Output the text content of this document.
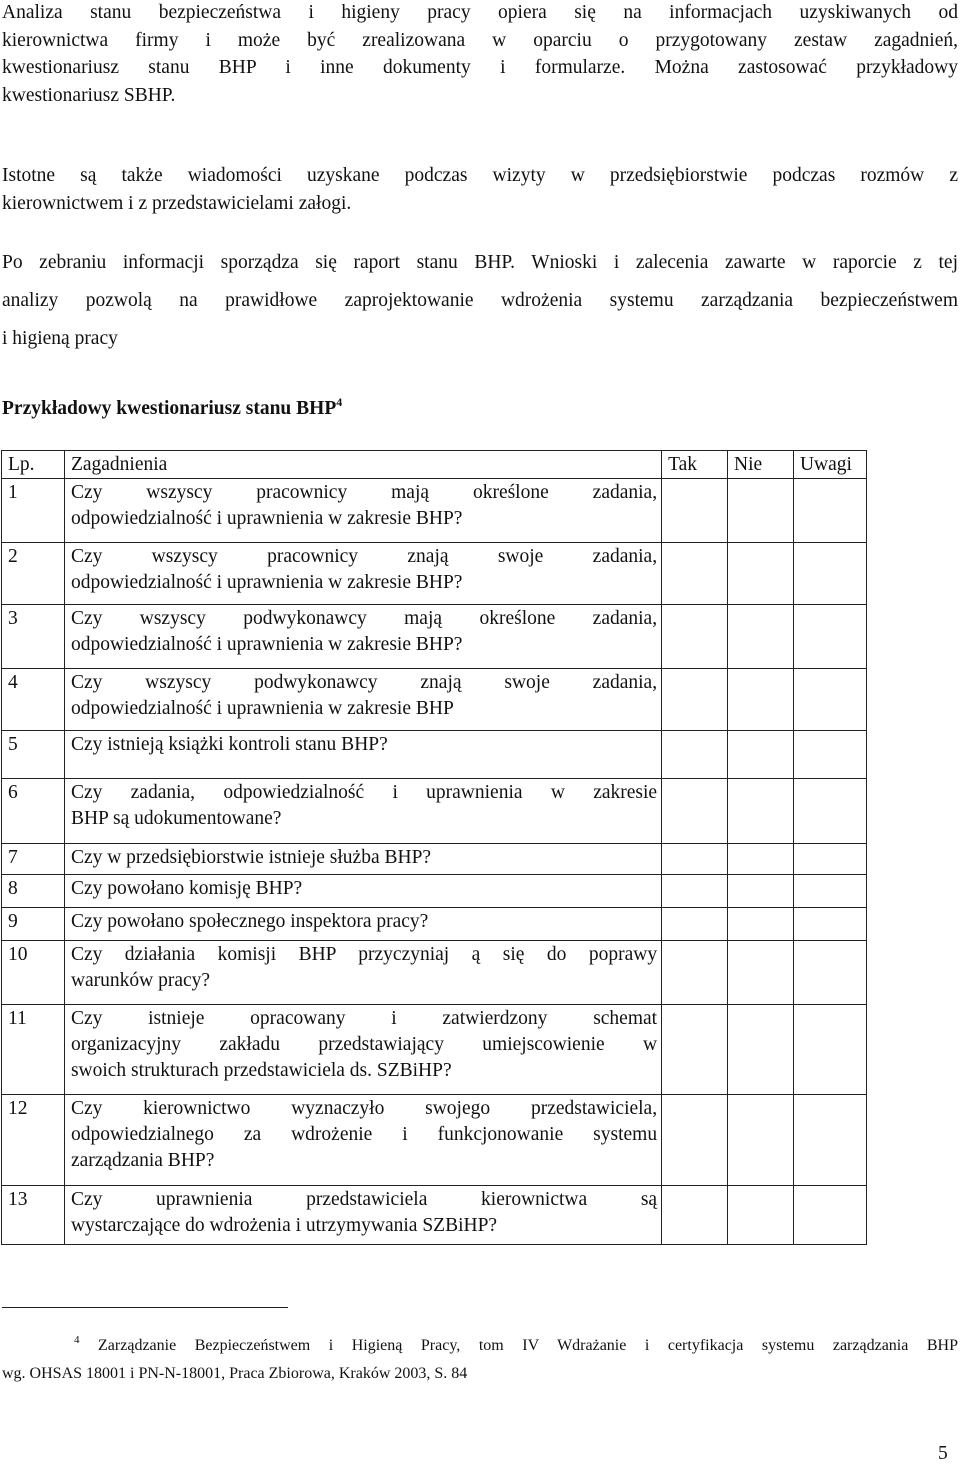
Analiza stanu bezpieczeństwa i higieny pracy opiera się na informacjach uzyskiwanych od
kierownictwa firmy i może być zrealizowana w oparciu o przygotowany zestaw zagadnień,
kwestionariusz stanu BHP i inne dokumenty i formularze. Można zastosować przykładowy
kwestionariusz SBHP.
Istotne są także wiadomości uzyskane podczas wizyty w przedsiębiorstwie podczas rozmów z
kierownictwem i z przedstawicielami załogi.
Po zebraniu informacji sporządza się raport stanu BHP. Wnioski i zalecenia zawarte w raporcie z tej
analizy pozwolą na prawidłowe zaprojektowanie wdrożenia systemu zarządzania bezpieczeństwem
i higieną pracy
Przykładowy kwestionariusz stanu BHP$^4$
Lp.	Zagadnienia	Tak	Nie	Uwagi
1	Czy wszyscy pracownicy mają określone zadania,
odpowiedzialność i uprawnienia w zakresie BHP?			

2	Czy wszyscy pracownicy znają swoje zadania,
odpowiedzialność i uprawnienia w zakresie BHP?			

3	Czy wszyscy podwykonawcy mają określone zadania,
odpowiedzialność i uprawnienia w zakresie BHP?			

4	Czy wszyscy podwykonawcy znają swoje zadania,
odpowiedzialność i uprawnienia w zakresie BHP			

5	Czy istnieją książki kontroli stanu BHP?			

6	Czy zadania, odpowiedzialność i uprawnienia w zakresie
BHP są udokumentowane?			

7	Czy w przedsiębiorstwie istnieje służba BHP?			

8	Czy powołano komisję BHP?			

9	Czy powołano społecznego inspektora pracy?			

10	Czy działania komisji BHP przyczyniaj ą się do poprawy
warunków pracy?			

11	Czy istnieje opracowany i zatwierdzony schemat
organizacyjny zakładu przedstawiający umiejscowienie w
swoich strukturach przedstawiciela ds. SZBiHP?			

12	Czy kierownictwo wyznaczyło swojego przedstawiciela,
odpowiedzialnego za wdrożenie i funkcjonowanie systemu
zarządzania BHP?			

13	Czy uprawnienia przedstawiciela kierownictwa są
wystarczające do wdrożenia i utrzymywania SZBiHP?			

$^4$ Zarządzanie Bezpieczeństwem i Higieną Pracy, tom IV Wdrażanie i certyfikacja systemu zarządzania BHP
wg. OHSAS 18001 i PN-N-18001, Praca Zbiorowa, Kraków 2003, S. 84
5
